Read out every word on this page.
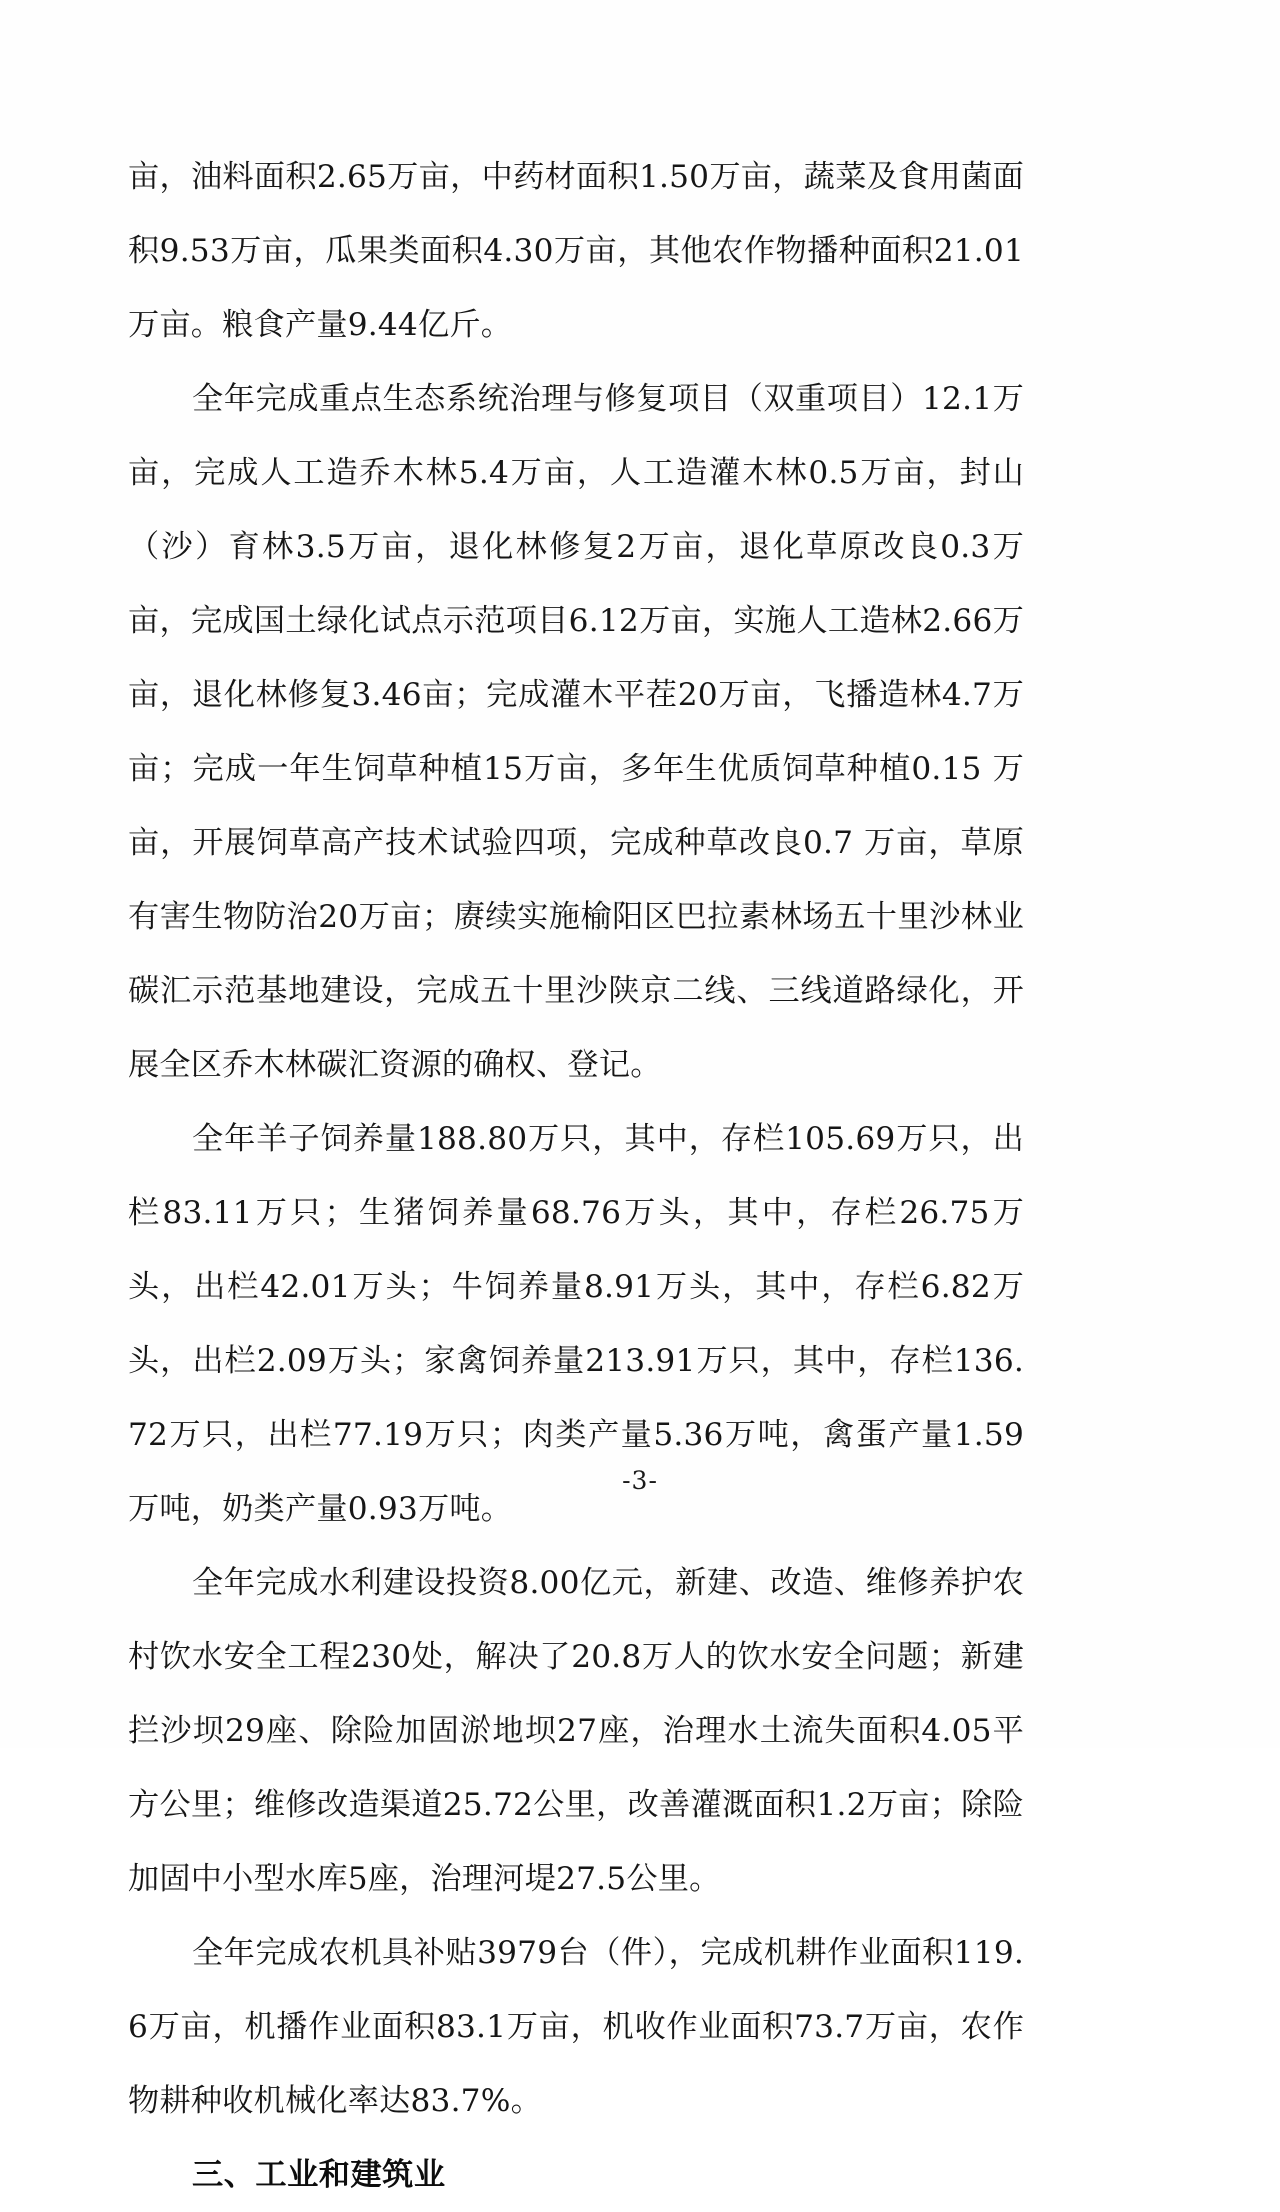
亩，油料面积2.65万亩，中药材面积1.50万亩，蔬菜及食用菌面积9.53万亩，瓜果类面积4.30万亩，其他农作物播种面积21.01万亩。粮食产量9.44亿斤。

全年完成重点生态系统治理与修复项目（双重项目）12.1万亩，完成人工造乔木林5.4万亩，人工造灌木林0.5万亩，封山（沙）育林3.5万亩，退化林修复2万亩，退化草原改良0.3万亩，完成国土绿化试点示范项目6.12万亩，实施人工造林2.66万亩，退化林修复3.46亩；完成灌木平茬20万亩，飞播造林4.7万亩；完成一年生饲草种植15万亩，多年生优质饲草种植0.15 万亩，开展饲草高产技术试验四项，完成种草改良0.7 万亩，草原有害生物防治20万亩；赓续实施榆阳区巴拉素林场五十里沙林业碳汇示范基地建设，完成五十里沙陕京二线、三线道路绿化，开展全区乔木林碳汇资源的确权、登记。

全年羊子饲养量188.80万只，其中，存栏105.69万只，出栏83.11万只；生猪饲养量68.76万头，其中，存栏26.75万头，出栏42.01万头；牛饲养量8.91万头，其中，存栏6.82万头，出栏2.09万头；家禽饲养量213.91万只，其中，存栏136.72万只，出栏77.19万只；肉类产量5.36万吨，禽蛋产量1.59万吨，奶类产量0.93万吨。

全年完成水利建设投资8.00亿元，新建、改造、维修养护农村饮水安全工程230处，解决了20.8万人的饮水安全问题；新建拦沙坝29座、除险加固淤地坝27座，治理水土流失面积4.05平方公里；维修改造渠道25.72公里，改善灌溉面积1.2万亩；除险加固中小型水库5座，治理河堤27.5公里。

全年完成农机具补贴3979台（件），完成机耕作业面积119.6万亩，机播作业面积83.1万亩，机收作业面积73.7万亩，农作物耕种收机械化率达83.7%。

三、工业和建筑业
-3-
